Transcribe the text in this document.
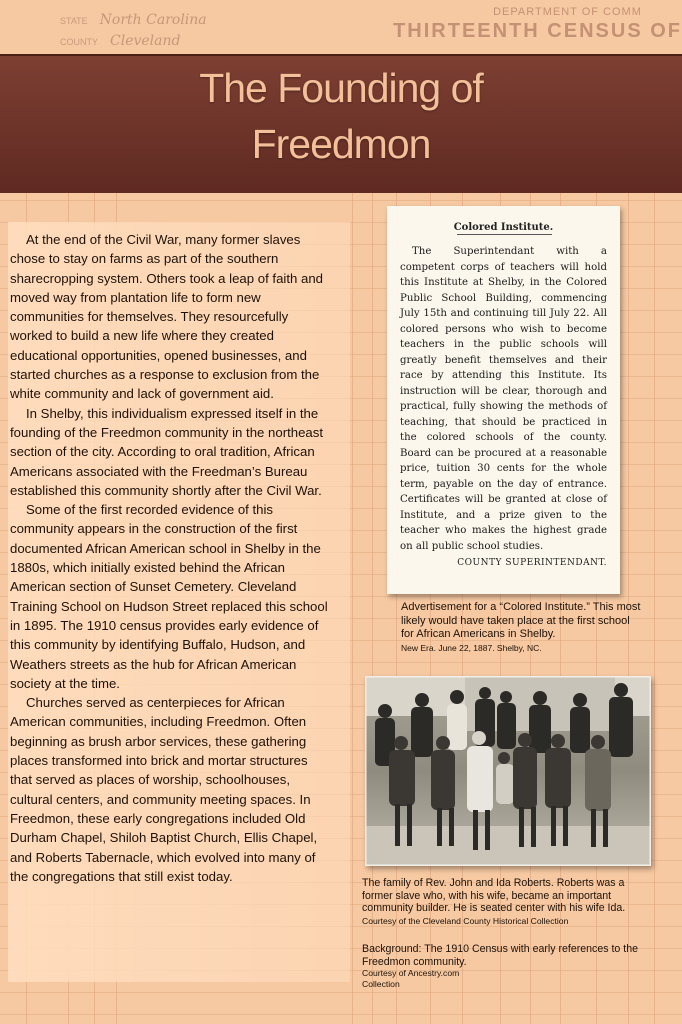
STATE North Carolina
COUNTY Cleveland
DEPARTMENT OF COMM
THIRTEENTH CENSUS OF
The Founding of
Freedmon

At the end of the Civil War, many former slaves chose to stay on farms as part of the southern sharecropping system. Others took a leap of faith and moved way from plantation life to form new communities for themselves. They resourcefully worked to build a new life where they created educational opportunities, opened businesses, and started churches as a response to exclusion from the white community and lack of government aid.

In Shelby, this individualism expressed itself in the founding of the Freedmon community in the northeast section of the city. According to oral tradition, African Americans associated with the Freedman’s Bureau established this community shortly after the Civil War.

Some of the first recorded evidence of this community appears in the construction of the first documented African American school in Shelby in the 1880s, which initially existed behind the African American section of Sunset Cemetery. Cleveland Training School on Hudson Street replaced this school in 1895. The 1910 census provides early evidence of this community by identifying Buffalo, Hudson, and Weathers streets as the hub for African American society at the time.

Churches served as centerpieces for African American communities, including Freedmon. Often beginning as brush arbor services, these gathering places transformed into brick and mortar structures that served as places of worship, schoolhouses, cultural centers, and community meeting spaces. In Freedmon, these early congregations included Old Durham Chapel, Shiloh Baptist Church, Ellis Chapel, and Roberts Tabernacle, which evolved into many of the congregations that still exist today.

Colored Institute.
The Superintendant with a competent corps of teachers will hold this Institute at Shelby, in the Colored Public School Building, commencing July 15th and continuing till July 22. All colored persons who wish to become teachers in the public schools will greatly benefit themselves and their race by attending this Institute. Its instruction will be clear, thorough and practical, fully showing the methods of teaching, that should be practiced in the colored schools of the county. Board can be procured at a reasonable price, tuition 30 cents for the whole term, payable on the day of entrance. Certificates will be granted at close of Institute, and a prize given to the teacher who makes the highest grade on all public school studies.
COUNTY SUPERINTENDANT.
Advertisement for a “Colored Institute.” This most likely would have taken place at the first school for African Americans in Shelby.
New Era. June 22, 1887. Shelby, NC.
The family of Rev. John and Ida Roberts. Roberts was a former slave who, with his wife, became an important community builder. He is seated center with his wife Ida.
Courtesy of the Cleveland County Historical Collection
Background: The 1910 Census with early references to the Freedmon community.
Courtesy of Ancestry.com
Collection
